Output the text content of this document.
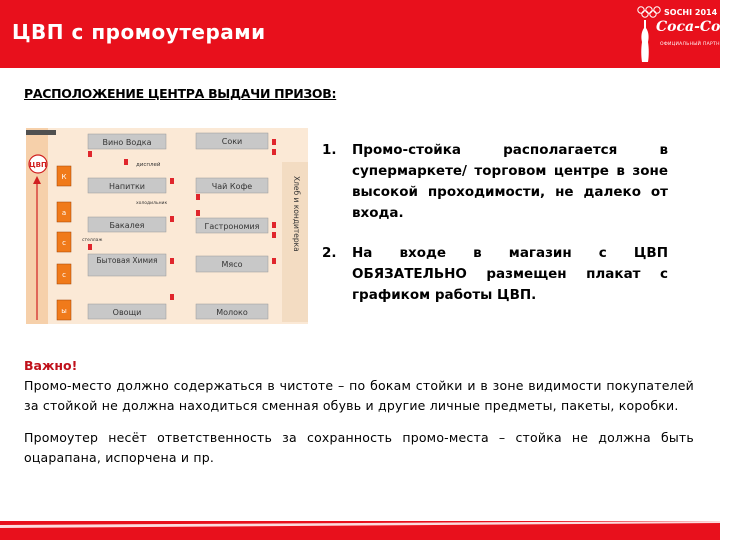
ЦВП с промоутерами
SOCHI 2014
Coca-Cola
ОФИЦИАЛЬНЫЙ ПАРТНЕР
РАСПОЛОЖЕНИЕ ЦЕНТРА ВЫДАЧИ ПРИЗОВ:
ЦВП
К
а
с
с
ы
Вино Водка	Соки
дисплей
Напитки	Чай Кофе
холодильник
Бакалея	Гастрономия
стеллаж
Бытовая Химия	Мясо
Овощи	Молоко
Хлеб и кондитерка
1. Промо-стойка располагается в супермаркете/ торговом центре в зоне высокой проходимости, не далеко от входа.
2. На входе в магазин с ЦВП ОБЯЗАТЕЛЬНО размещен плакат с графиком работы ЦВП.
Важно!
Промо-место должно содержаться в чистоте – по бокам стойки и в зоне видимости покупателей за стойкой не должна находиться сменная обувь и другие личные предметы, пакеты, коробки.
Промоутер несёт ответственность за сохранность промо-места – стойка не должна быть оцарапана, испорчена и пр.
